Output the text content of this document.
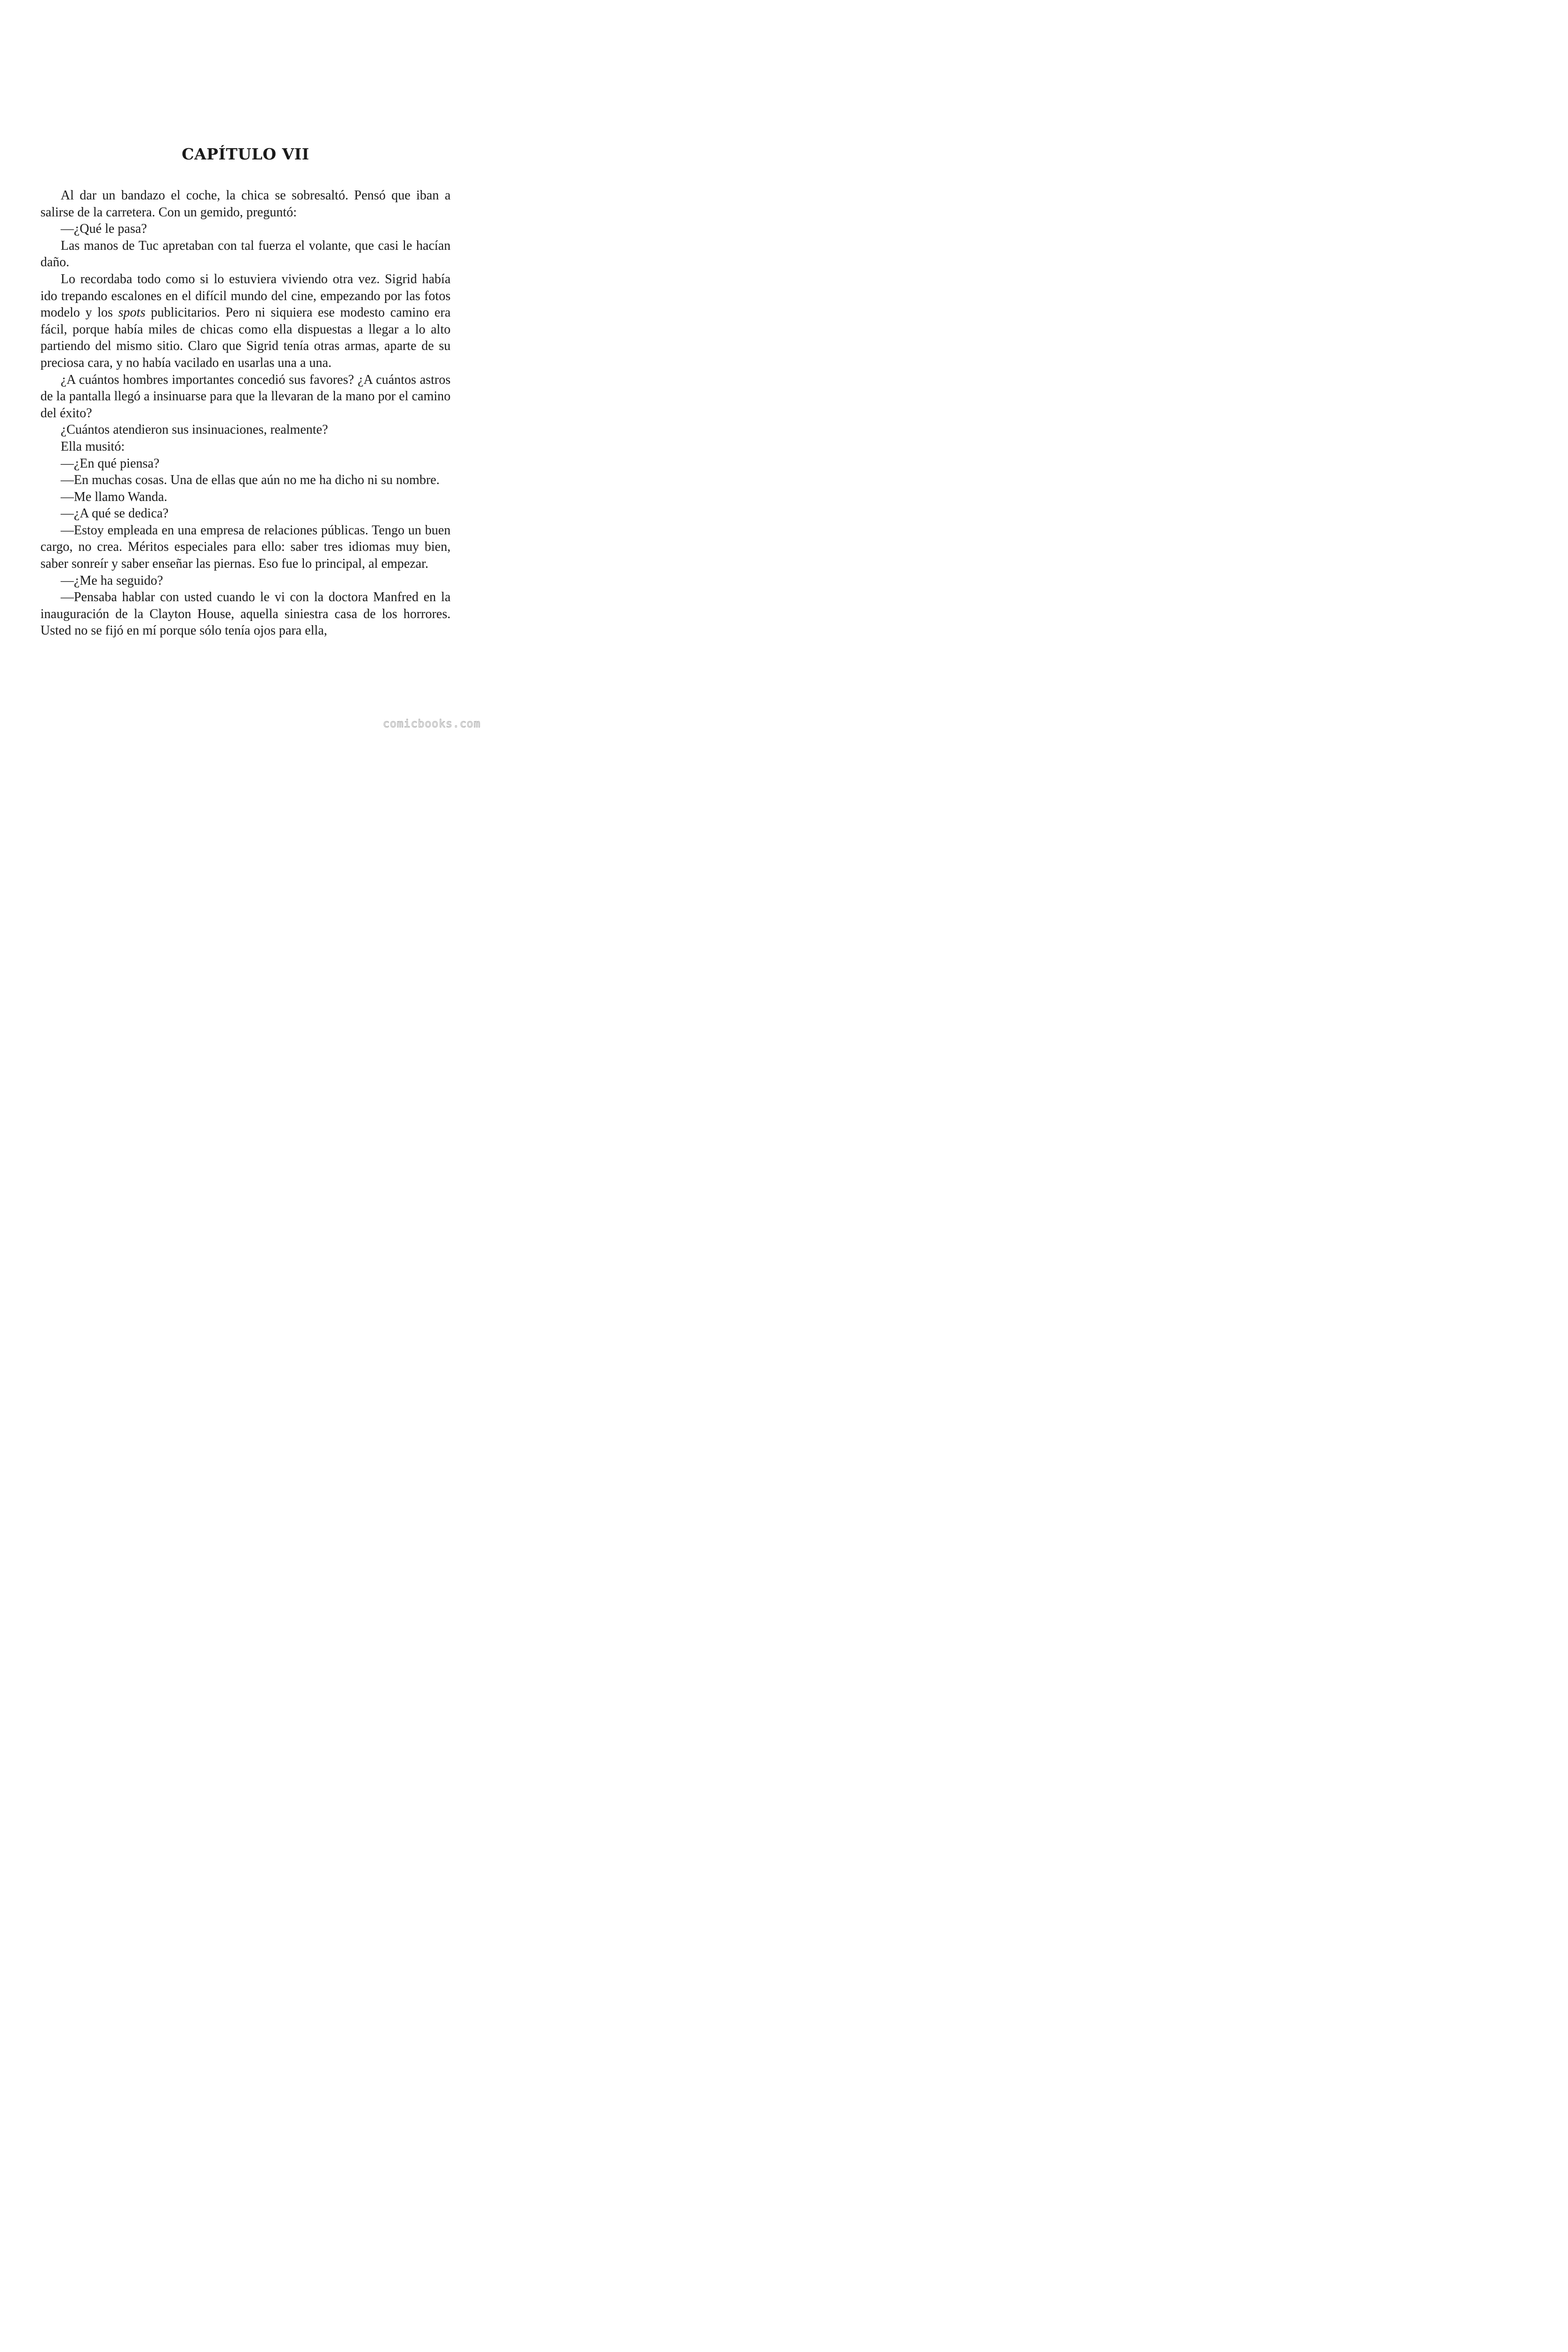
CAPÍTULO VII

Al dar un bandazo el coche, la chica se sobresaltó. Pensó que iban a salirse de la carretera. Con un gemido, preguntó:

—¿Qué le pasa?

Las manos de Tuc apretaban con tal fuerza el volante, que casi le hacían daño.

Lo recordaba todo como si lo estuviera viviendo otra vez. Sigrid había ido trepando escalones en el difícil mundo del cine, empezando por las fotos modelo y los spots publicitarios. Pero ni siquiera ese modesto camino era fácil, porque había miles de chicas como ella dispuestas a llegar a lo alto partiendo del mismo sitio. Claro que Sigrid tenía otras armas, aparte de su preciosa cara, y no había vacilado en usarlas una a una.

¿A cuántos hombres importantes concedió sus favores? ¿A cuántos astros de la pantalla llegó a insinuarse para que la llevaran de la mano por el camino del éxito?

¿Cuántos atendieron sus insinuaciones, realmente?

Ella musitó:

—¿En qué piensa?

—En muchas cosas. Una de ellas que aún no me ha dicho ni su nombre.

—Me llamo Wanda.

—¿A qué se dedica?

—Estoy empleada en una empresa de relaciones públicas. Tengo un buen cargo, no crea. Méritos especiales para ello: saber tres idiomas muy bien, saber sonreír y saber enseñar las piernas. Eso fue lo principal, al empezar.

—¿Me ha seguido?

—Pensaba hablar con usted cuando le vi con la doctora Manfred en la inauguración de la Clayton House, aquella siniestra casa de los horrores. Usted no se fijó en mí porque sólo tenía ojos para ella,

comicbooks.com
